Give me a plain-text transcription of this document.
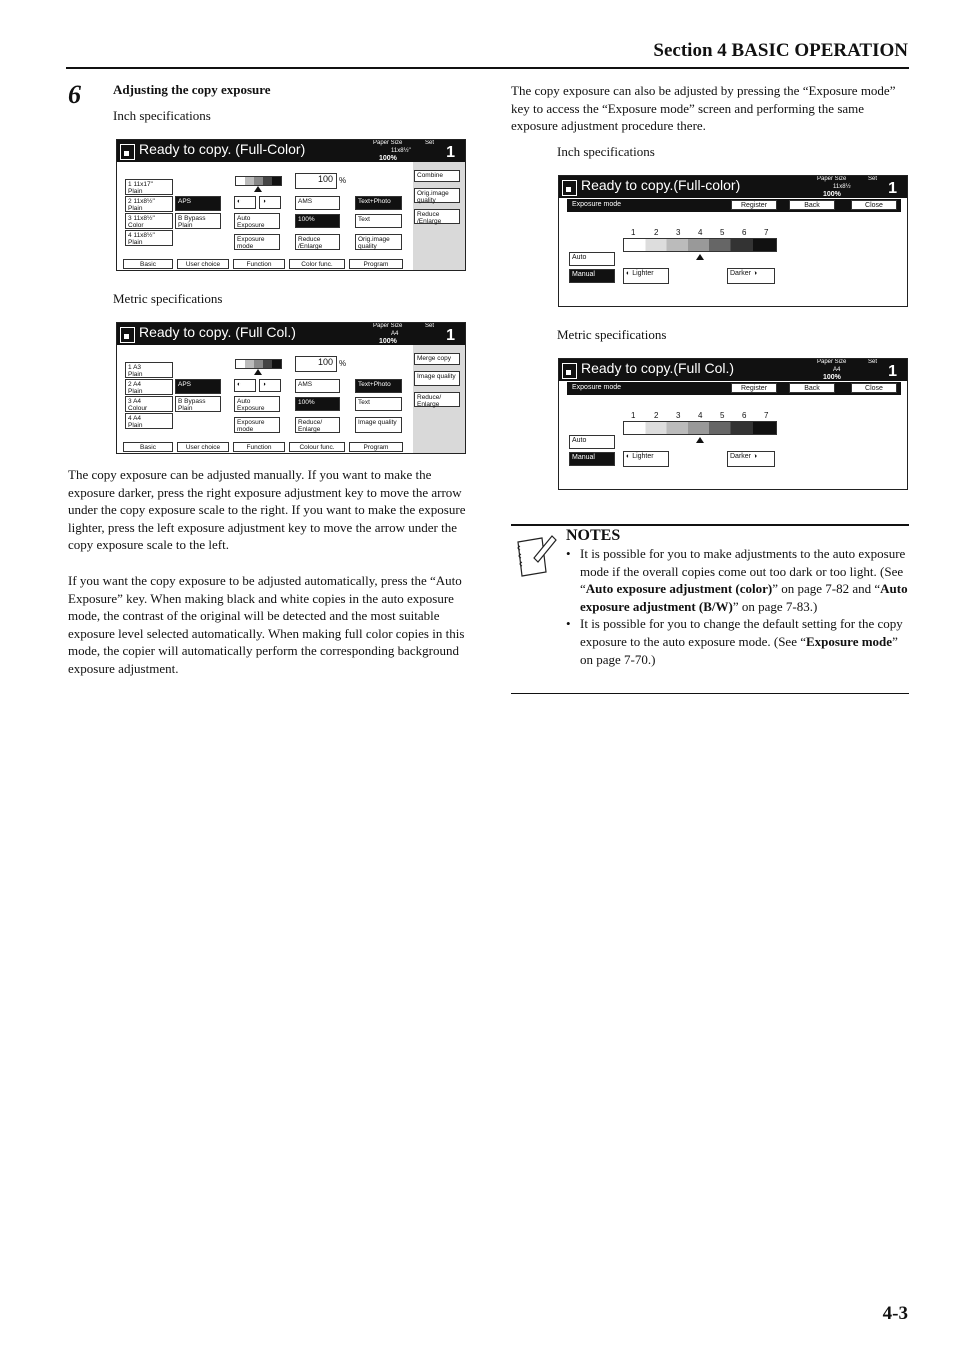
Section 4 BASIC OPERATION
6 Adjusting the copy exposure
Inch specifications
Ready to copy. (Full-Color)	Paper Size	Set
11x8½"
100%	1
1 11x17"
Plain
2 11x8½"
Plain
3 11x8½"
Color
4 11x8½"
Plain
APS
B Bypass
Plain
◐	◑
Auto Exposure
Exposure mode
100 %
AMS
100%
Reduce /Enlarge
Text+Photo
Text
Orig.image quality
Combine
Orig.image quality
Reduce /Enlarge
Basic	User choice	Function	Color func.	Program
Metric specifications
Ready to copy. (Full Col.)	Paper Size	Set
A4
100%	1
1 A3
Plain
2 A4
Plain
3 A4
Colour
4 A4
Plain
APS
B Bypass
Plain
◐	◑
Auto Exposure
Exposure mode
100 %
AMS
100%
Reduce/ Enlarge
Text+Photo
Text
Image quality
Merge copy
Image quality
Reduce/ Enlarge
Basic	User choice	Function	Colour func.	Program
The copy exposure can be adjusted manually. If you want to make the exposure darker, press the right exposure adjustment key to move the arrow under the copy exposure scale to the right. If you want to make the exposure lighter, press the left exposure adjustment key to move the arrow under the copy exposure scale to the left.
If you want the copy exposure to be adjusted automatically, press the “Auto Exposure” key. When making black and white copies in the auto exposure mode, the contrast of the original will be detected and the most suitable exposure level selected automatically. When making full color copies in this mode, the copier will automatically perform the corresponding background exposure adjustment.
The copy exposure can also be adjusted by pressing the “Exposure mode” key to access the “Exposure mode” screen and performing the same exposure adjustment procedure there.
Inch specifications
Ready to copy.(Full-color)	Paper Size	Set
11x8½
100%	1
Exposure mode	Register	Back	Close
1 2 3 4 5 6 7
Auto
Manual	◐ Lighter	Darker ◑
Metric specifications
Ready to copy.(Full Col.)	Paper Size	Set
A4
100%	1
Exposure mode	Register	Back	Close
1 2 3 4 5 6 7
Auto
Manual	◐ Lighter	Darker ◑
NOTES
• It is possible for you to make adjustments to the auto exposure mode if the overall copies come out too dark or too light. (See “Auto exposure adjustment (color)” on page 7-82 and “Auto exposure adjustment (B/W)” on page 7-83.)
• It is possible for you to change the default setting for the copy exposure to the auto exposure mode. (See “Exposure mode” on page 7-70.)
4-3
